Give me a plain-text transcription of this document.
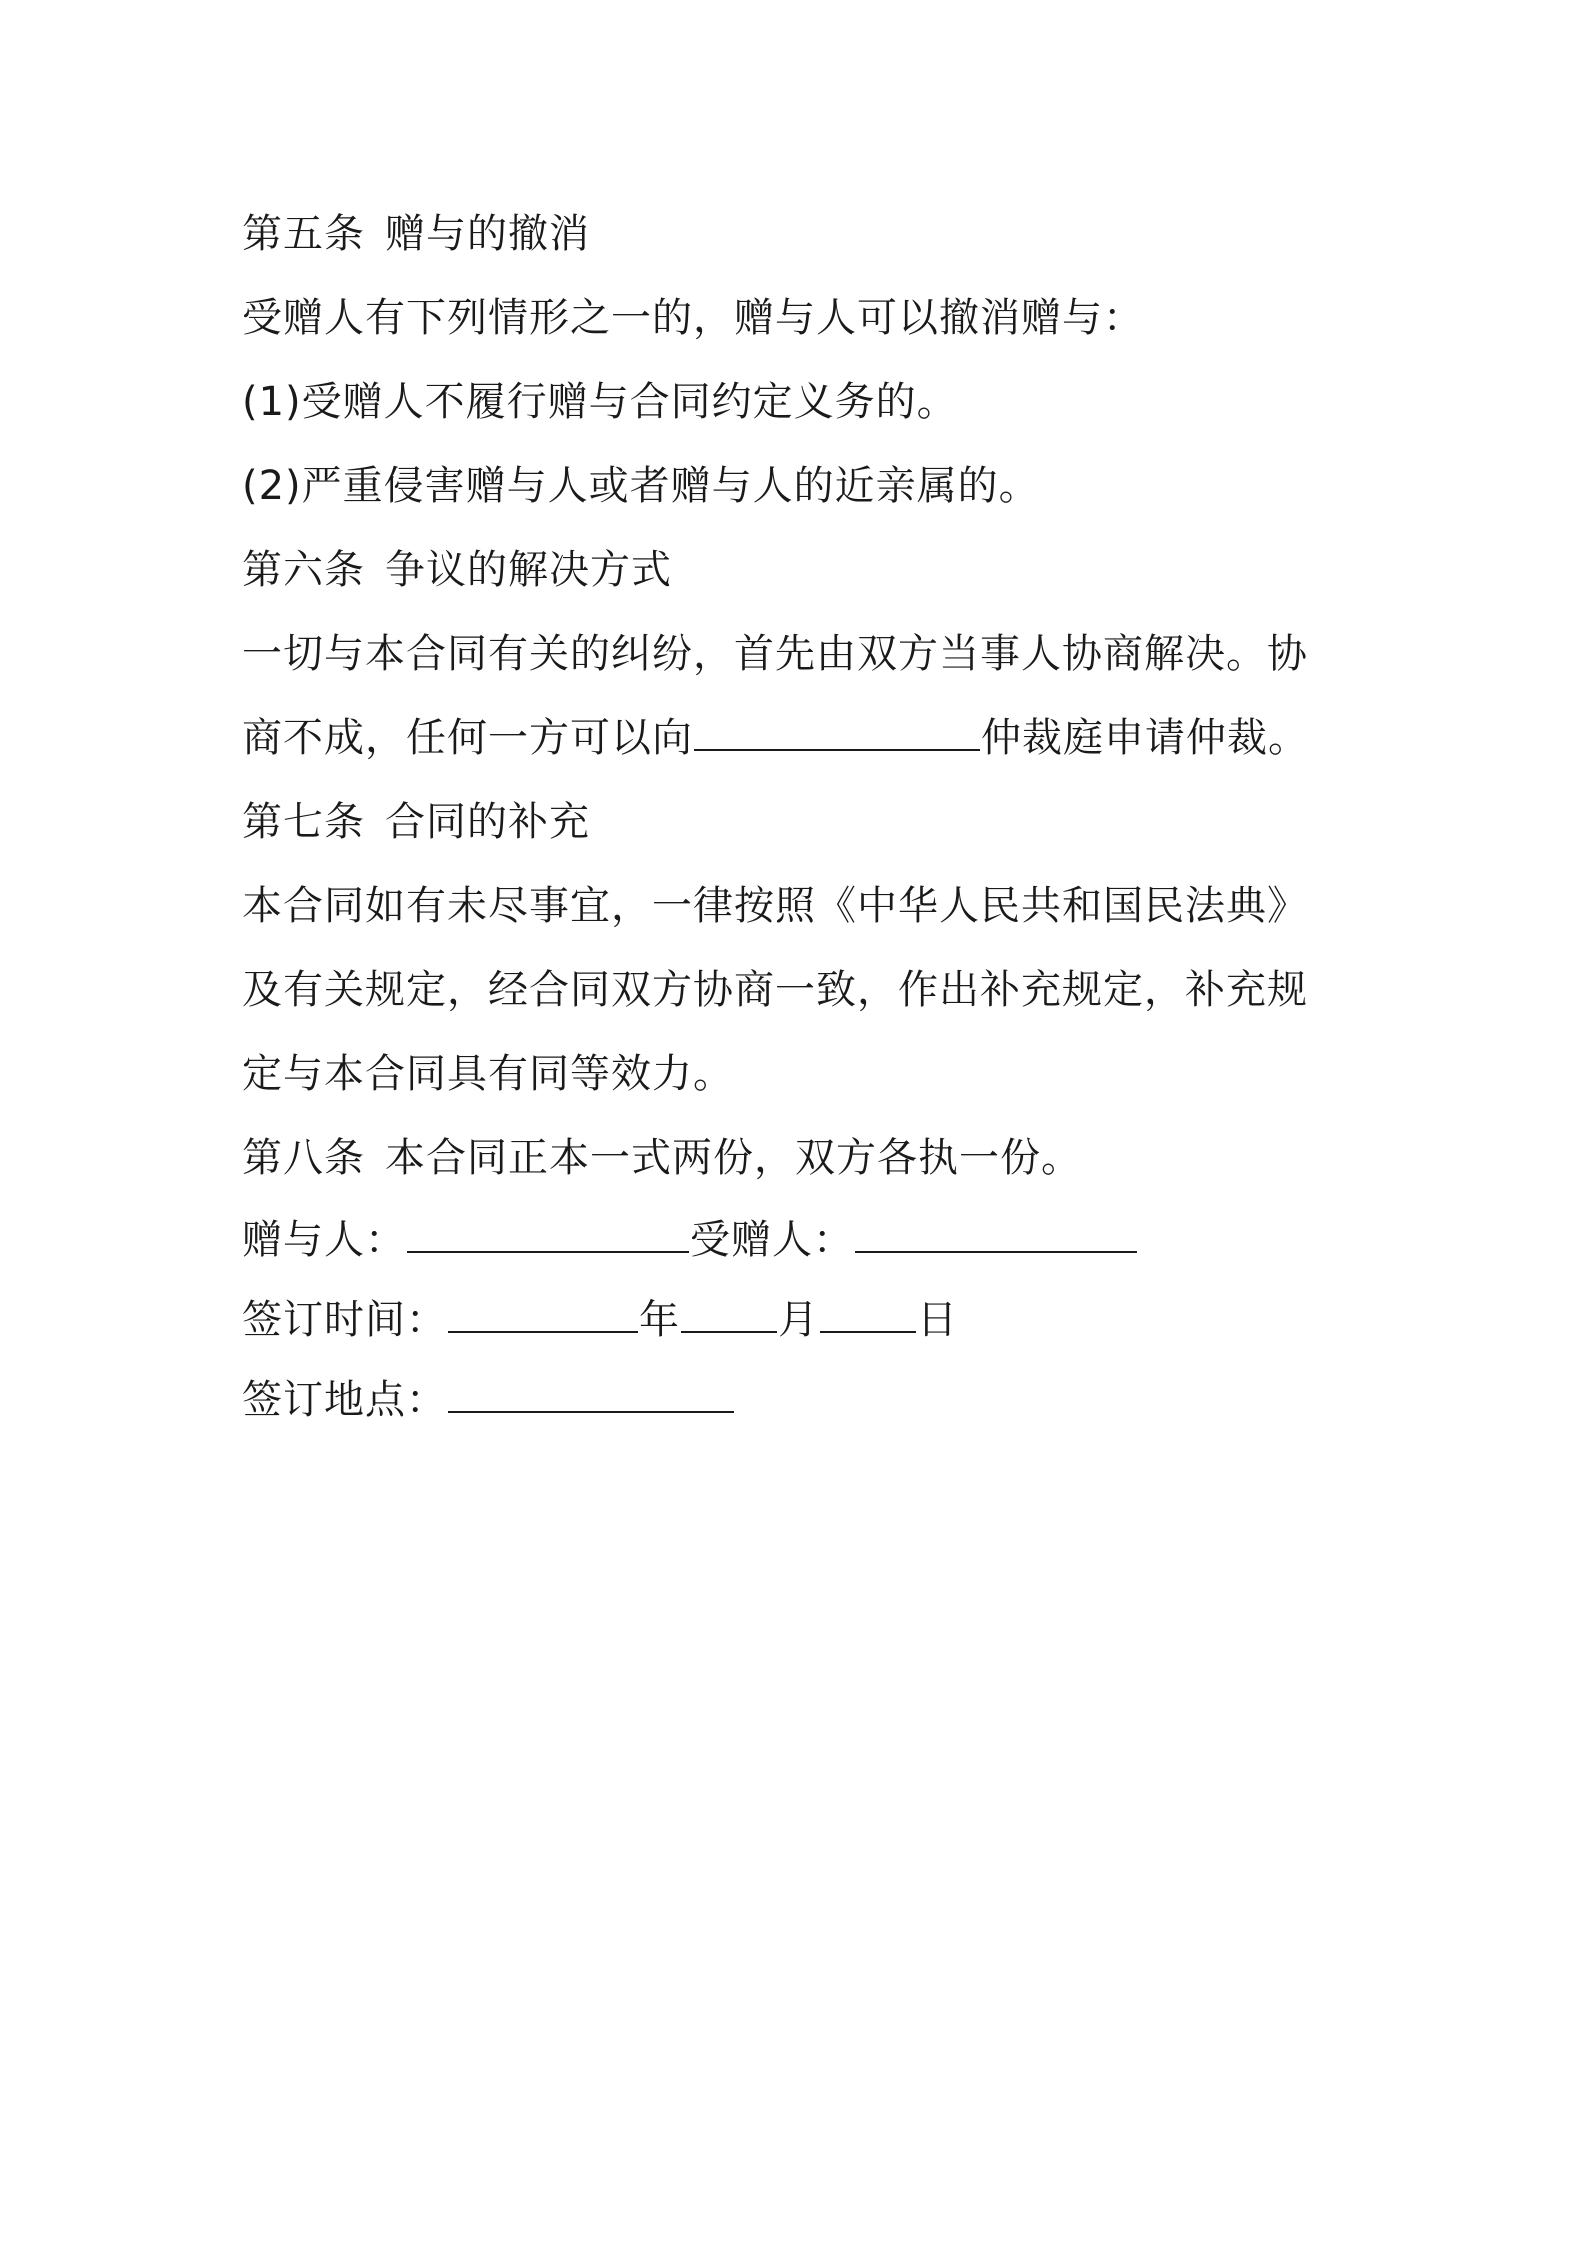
第五条 赠与的撤消
受赠人有下列情形之一的，赠与人可以撤消赠与：
(1)受赠人不履行赠与合同约定义务的。
(2)严重侵害赠与人或者赠与人的近亲属的。
第六条 争议的解决方式
一切与本合同有关的纠纷，首先由双方当事人协商解决。协
商不成，任何一方可以向	仲裁庭申请仲裁。
第七条 合同的补充
本合同如有未尽事宜，一律按照《中华人民共和国民法典》
及有关规定，经合同双方协商一致，作出补充规定，补充规
定与本合同具有同等效力。
第八条 本合同正本一式两份，双方各执一份。
赠与人：	受赠人：
签订时间：	年 月 日
签订地点：
